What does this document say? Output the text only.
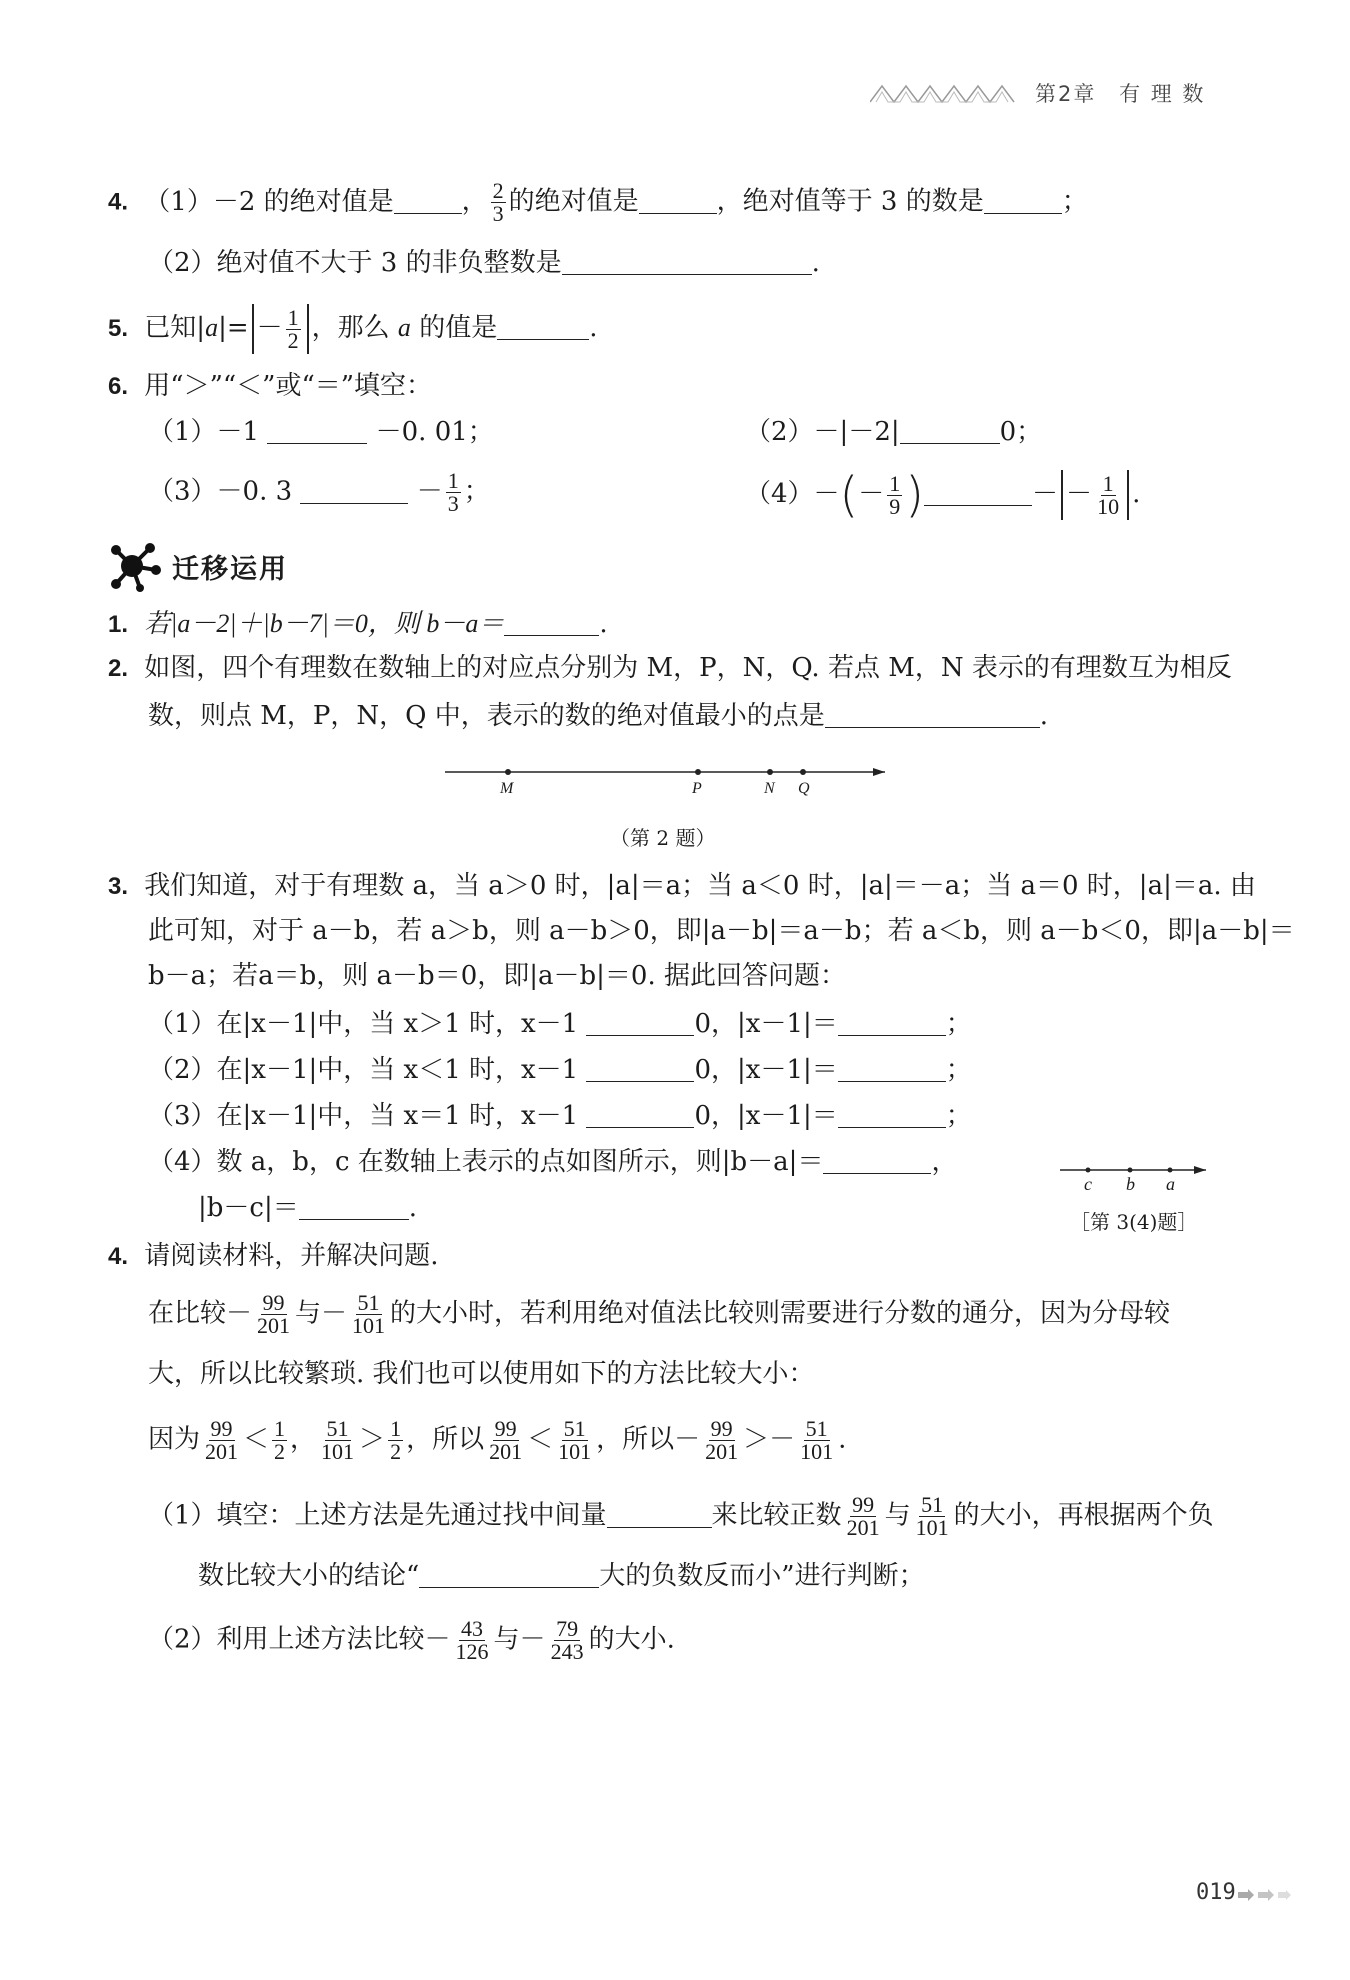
第2章 有 理 数
4. （1）－2 的绝对值是	， $\frac{2}{3}$ 的绝对值是	，绝对值等于 3 的数是	；
（2）绝对值不大于 3 的非负整数是	.
5. 已知$|a|= - \frac{1}{2}$ ，那么 a 的值是	.
6. 用“＞”“＜”或“＝”填空：
（1）－1	－0. 01；	（2）－|－2|	0；
（3）－0. 3	－ $\frac{1}{3}$ ；	$(4)-(- \frac{1}{9}$ )	－ － $\frac{1}{10}$ .
迁移运用
1. 若|a－2|＋|b－7|＝0，则 b－a＝	.
2. 如图，四个有理数在数轴上的对应点分别为 M，P，N，Q. 若点 M，N 表示的有理数互为相反
数，则点 M，P，N，Q 中，表示的数的绝对值最小的点是	.
M	P	N Q
（第 2 题）
3. 我们知道，对于有理数 a，当 a＞0 时，|a|＝a；当 a＜0 时，|a|＝－a；当 a＝0 时，|a|＝a. 由
此可知，对于 a－b，若 a＞b，则 a－b＞0，即|a－b|＝a－b；若 a＜b，则 a－b＜0，即|a－b|＝
b－a；若a＝b，则 a－b＝0，即|a－b|＝0. 据此回答问题：
（1）在|x－1|中，当 x＞1 时，x－1	0，|x－1|＝	；
（2）在|x－1|中，当 x＜1 时，x－1	0，|x－1|＝	；
（3）在|x－1|中，当 x＝1 时，x－1	0，|x－1|＝	；
（4）数 a，b，c 在数轴上表示的点如图所示，则|b－a|＝	，
|b－c|＝	.
c b a
［第 3(4)题］
4. 请阅读材料，并解决问题.
在比较－ $\frac{99}{201}$ 与－ $\frac{51}{101}$ 的大小时，若利用绝对值法比较则需要进行分数的通分，因为分母较
大，所以比较繁琐. 我们也可以使用如下的方法比较大小：
因为 $\frac{99}{201} < \frac{1}{2}$ ， $\frac{51}{101} > \frac{1}{2}$ ，所以 $\frac{99}{201} < \frac{51}{101}$ ，所以－ $\frac{99}{201} >- \frac{51}{101}$ .
（1）填空：上述方法是先通过找中间量	来比较正数 $\frac{99}{201}$ 与 $\frac{51}{101}$ 的大小，再根据两个负
数比较大小的结论“	大的负数反而小”进行判断；
（2）利用上述方法比较－ $\frac{43}{126}$ 与－ $\frac{79}{243}$ 的大小.
019
